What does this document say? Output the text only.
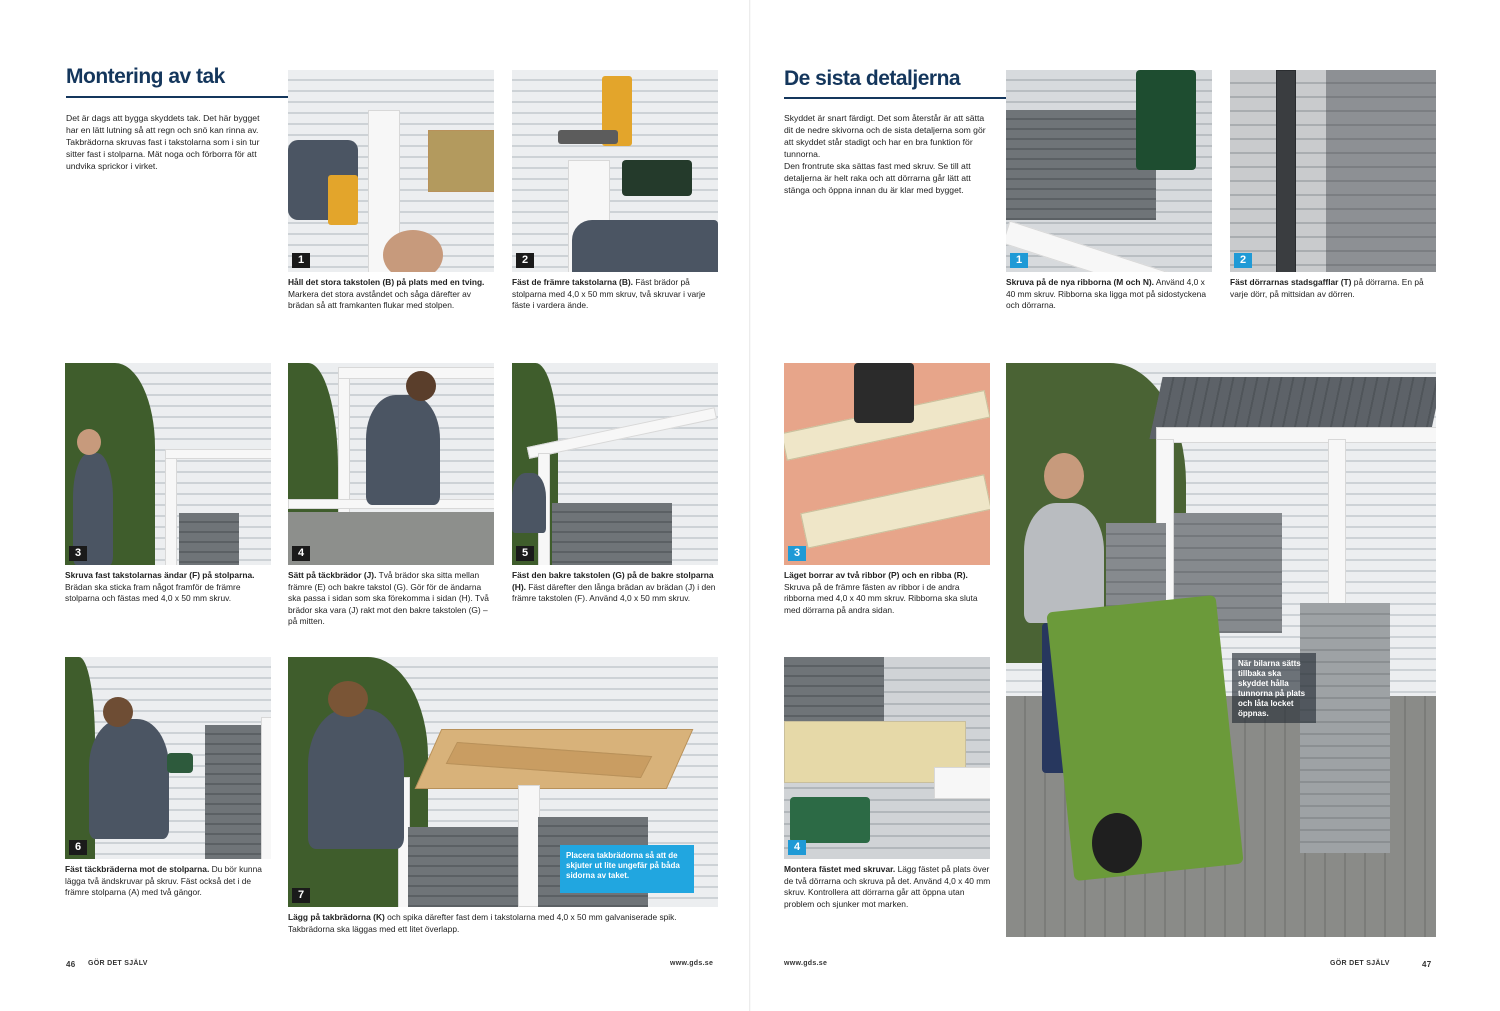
Montering av tak

Det är dags att bygga skyddets tak. Det här bygget har en lätt lutning så att regn och snö kan rinna av.
Takbrädorna skruvas fast i takstolarna som i sin tur sitter fast i stolparna. Mät noga och förborra för att undvika sprickor i virket.

1

Håll det stora takstolen (B) på plats med en tving. Markera det stora avståndet och såga därefter av brädan så att framkanten flukar med stolpen.

2

Fäst de främre takstolarna (B). Fäst brädor på stolparna med 4,0 x 50 mm skruv, två skruvar i varje fäste i vardera ände.

3

Skruva fast takstolarnas ändar (F) på stolparna. Brädan ska sticka fram något framför de främre stolparna och fästas med 4,0 x 50 mm skruv.

4

Sätt på täckbrädor (J). Två brädor ska sitta mellan främre (E) och bakre takstol (G). Gör för de ändarna ska passa i sidan som ska förekomma i sidan (H). Två brädor ska vara (J) rakt mot den bakre takstolen (G) – på mitten.

5

Fäst den bakre takstolen (G) på de bakre stolparna (H). Fäst därefter den långa brädan av brädan (J) i den främre takstolen (F). Använd 4,0 x 50 mm skruv.

6

Fäst täckbräderna mot de stolparna. Du bör kunna lägga två ändskruvar på skruv. Fäst också det i de främre stolparna (A) med två gängor.

Placera takbrädorna så att de skjuter ut lite ungefär på båda sidorna av taket.
7

Lägg på takbrädorna (K) och spika därefter fast dem i takstolarna med 4,0 x 50 mm galvaniserade spik. Takbrädorna ska läggas med ett litet överlapp.

46 GÖR DET SJÄLV	www.gds.se
De sista detaljerna

Skyddet är snart färdigt. Det som återstår är att sätta dit de nedre skivorna och de sista detaljerna som gör att skyddet står stadigt och har en bra funktion för tunnorna.
Den frontrute ska sättas fast med skruv. Se till att detaljerna är helt raka och att dörrarna går lätt att stänga och öppna innan du är klar med bygget.

1

Skruva på de nya ribborna (M och N). Använd 4,0 x 40 mm skruv. Ribborna ska ligga mot på sidostyckena och dörrarna.

2

Fäst dörrarnas stadsgafflar (T) på dörrarna. En på varje dörr, på mittsidan av dörren.

3

Läget borrar av två ribbor (P) och en ribba (R). Skruva på de främre fästen av ribbor i de andra ribborna med 4,0 x 40 mm skruv. Ribborna ska sluta med dörrarna på andra sidan.

4

Montera fästet med skruvar. Lägg fästet på plats över de två dörrarna och skruva på det. Använd 4,0 x 40 mm skruv. Kontrollera att dörrarna går att öppna utan problem och sjunker mot marken.

När bilarna sätts tillbaka ska skyddet hålla tunnorna på plats och låta locket öppnas.
www.gds.se	GÖR DET SJÄLV	47
